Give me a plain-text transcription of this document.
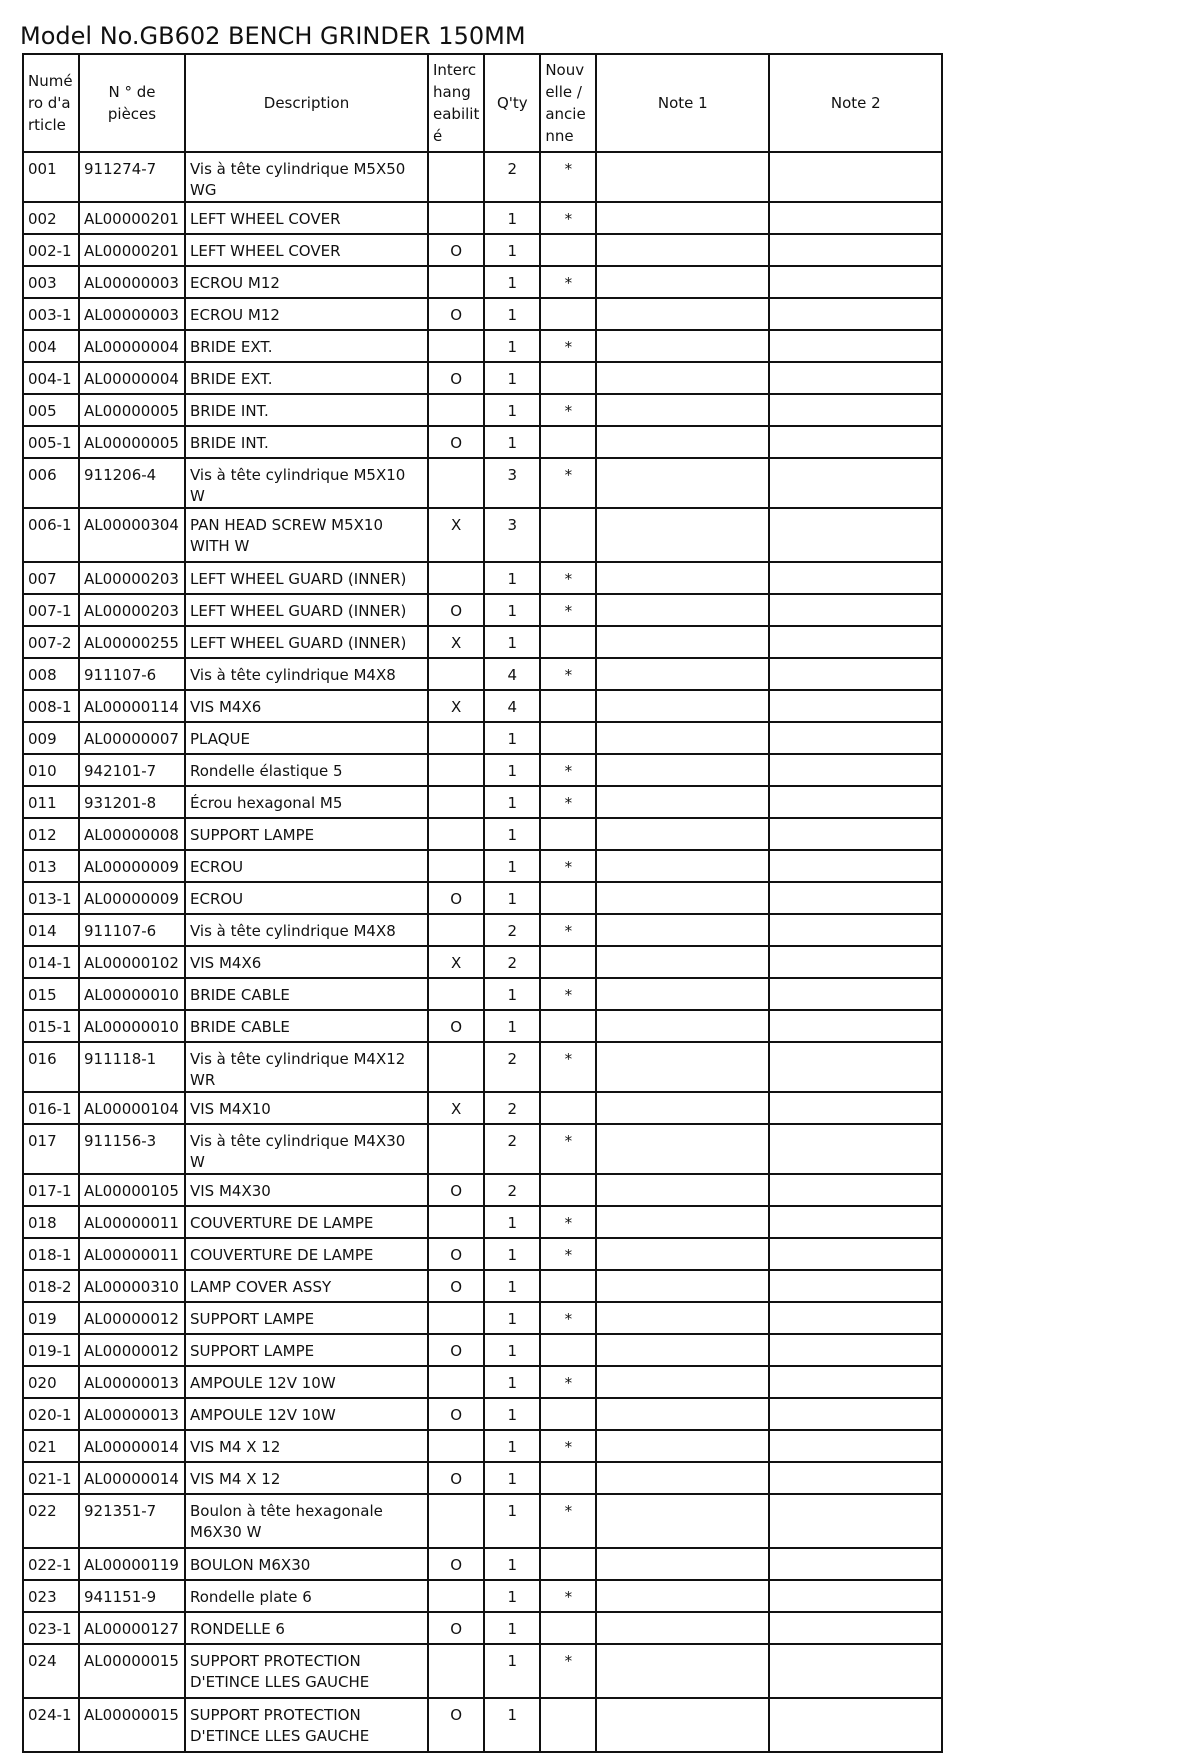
Model No.GB602 BENCH GRINDER 150MM
Numé ro d'a rticle	N ° de pièces	Description	Interc hang eabilit é	Q'ty	Nouv elle / ancie nne	Note 1	Note 2
001	911274-7	Vis à tête cylindrique M5X50 WG		2	*		
002	AL00000201	LEFT WHEEL COVER		1	*		
002-1	AL00000201	LEFT WHEEL COVER	O	1			
003	AL00000003	ECROU M12		1	*		
003-1	AL00000003	ECROU M12	O	1			
004	AL00000004	BRIDE EXT.		1	*		
004-1	AL00000004	BRIDE EXT.	O	1			
005	AL00000005	BRIDE INT.		1	*		
005-1	AL00000005	BRIDE INT.	O	1			
006	911206-4	Vis à tête cylindrique M5X10 W		3	*		
006-1	AL00000304	PAN HEAD SCREW M5X10 WITH W	X	3			
007	AL00000203	LEFT WHEEL GUARD (INNER)		1	*		
007-1	AL00000203	LEFT WHEEL GUARD (INNER)	O	1	*		
007-2	AL00000255	LEFT WHEEL GUARD (INNER)	X	1			
008	911107-6	Vis à tête cylindrique M4X8		4	*		
008-1	AL00000114	VIS M4X6	X	4			
009	AL00000007	PLAQUE		1			
010	942101-7	Rondelle élastique 5		1	*		
011	931201-8	Écrou hexagonal M5		1	*		
012	AL00000008	SUPPORT LAMPE		1			
013	AL00000009	ECROU		1	*		
013-1	AL00000009	ECROU	O	1			
014	911107-6	Vis à tête cylindrique M4X8		2	*		
014-1	AL00000102	VIS M4X6	X	2			
015	AL00000010	BRIDE CABLE		1	*		
015-1	AL00000010	BRIDE CABLE	O	1			
016	911118-1	Vis à tête cylindrique M4X12 WR		2	*		
016-1	AL00000104	VIS M4X10	X	2			
017	911156-3	Vis à tête cylindrique M4X30 W		2	*		
017-1	AL00000105	VIS M4X30	O	2			
018	AL00000011	COUVERTURE DE LAMPE		1	*		
018-1	AL00000011	COUVERTURE DE LAMPE	O	1	*		
018-2	AL00000310	LAMP COVER ASSY	O	1			
019	AL00000012	SUPPORT LAMPE		1	*		
019-1	AL00000012	SUPPORT LAMPE	O	1			
020	AL00000013	AMPOULE 12V 10W		1	*		
020-1	AL00000013	AMPOULE 12V 10W	O	1			
021	AL00000014	VIS M4 X 12		1	*		
021-1	AL00000014	VIS M4 X 12	O	1			
022	921351-7	Boulon à tête hexagonale M6X30 W		1	*		
022-1	AL00000119	BOULON M6X30	O	1			
023	941151-9	Rondelle plate 6		1	*		
023-1	AL00000127	RONDELLE 6	O	1			
024	AL00000015	SUPPORT PROTECTION D'ETINCE LLES GAUCHE		1	*		
024-1	AL00000015	SUPPORT PROTECTION D'ETINCE LLES GAUCHE	O	1			
